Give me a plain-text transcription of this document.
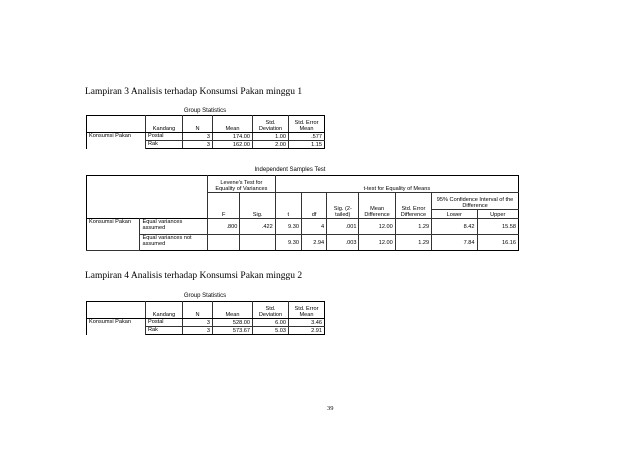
Lampiran 3 Analisis terhadap Konsumsi Pakan minggu 1
Group Statistics
	Kandang	N	Mean	Std. Deviation	Std. Error Mean
Konsumsi Pakan	Postal	3	174.00	1.00	.577
	Rak	3	162.00	2.00	1.15
Independent Samples Test
		Levene's Test for Equality of Variances		t-test for Equality of Means						
		F	Sig.	t	df	Sig. (2-tailed)	Mean Difference	Std. Error Difference	95% Confidence Interval of the Difference	
									Lower	Upper
Konsumsi Pakan	Equal variances assumed	.800	.422	9.30	4	.001	12.00	1.29	8.42	15.58
	Equal variances not assumed			9.30	2.94	.003	12.00	1.29	7.84	16.16
Lampiran 4 Analisis terhadap Konsumsi Pakan minggu 2
Group Statistics
	Kandang	N	Mean	Std. Deviation	Std. Error Mean
Konsumsi Pakan	Postal	3	528.00	6.00	3.46
	Rak	3	573.67	5.03	2.91
39
